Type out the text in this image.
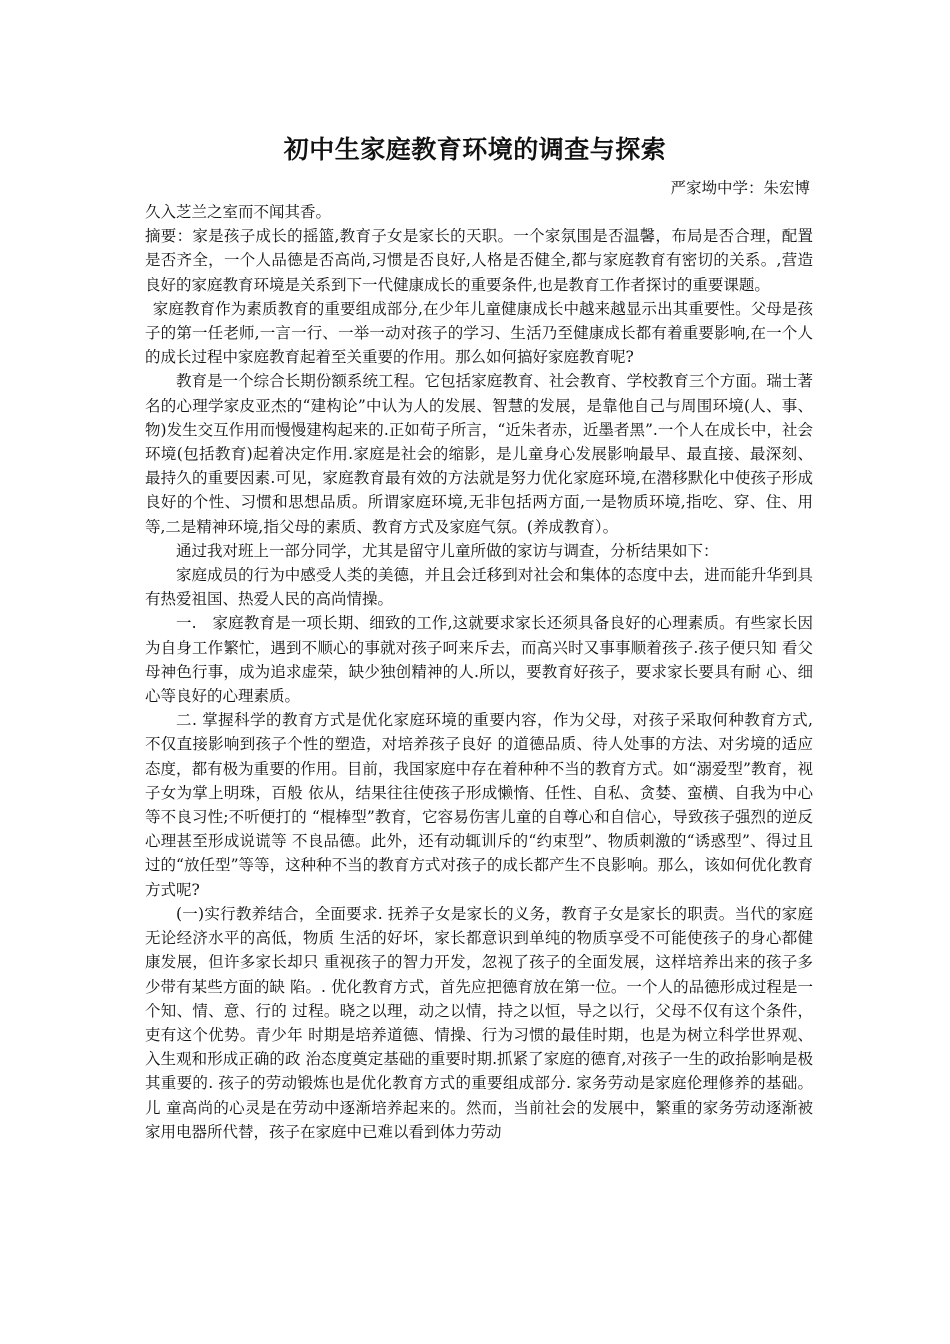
初中生家庭教育环境的调查与探索
严家坳中学：朱宏博

久入芝兰之室而不闻其香。

摘要：家是孩子成长的摇篮,教育子女是家长的天职。一个家氛围是否温馨，布局是否合理，配置是否齐全，一个人品德是否高尚,习惯是否良好,人格是否健全,都与家庭教育有密切的关系。,营造良好的家庭教育环境是关系到下一代健康成长的重要条件,也是教育工作者探讨的重要课题。

家庭教育作为素质教育的重要组成部分,在少年儿童健康成长中越来越显示出其重要性。父母是孩子的第一任老师,一言一行、一举一动对孩子的学习、生活乃至健康成长都有着重要影响,在一个人的成长过程中家庭教育起着至关重要的作用。那么如何搞好家庭教育呢?

教育是一个综合长期份额系统工程。它包括家庭教育、社会教育、学校教育三个方面。瑞士著名的心理学家皮亚杰的“建构论”中认为人的发展、智慧的发展，是靠他自己与周围环境(人、事、物)发生交互作用而慢慢建构起来的.正如荀子所言，“近朱者赤，近墨者黑”.一个人在成长中，社会环境(包括教育)起着决定作用.家庭是社会的缩影，是儿童身心发展影响最早、最直接、最深刻、最持久的重要因素.可见，家庭教育最有效的方法就是努力优化家庭环境,在潜移默化中使孩子形成良好的个性、习惯和思想品质。所谓家庭环境,无非包括两方面,一是物质环境,指吃、穿、住、用等,二是精神环境,指父母的素质、教育方式及家庭气氛。(养成教育）。

通过我对班上一部分同学，尤其是留守儿童所做的家访与调查，分析结果如下：

家庭成员的行为中感受人类的美德，并且会迁移到对社会和集体的态度中去，进而能升华到具 有热爱祖国、热爱人民的高尚情操。

一.　家庭教育是一项长期、细致的工作,这就要求家长还须具备良好的心理素质。有些家长因 为自身工作繁忙，遇到不顺心的事就对孩子呵来斥去，而高兴时又事事顺着孩子.孩子便只知 看父母神色行事，成为追求虚荣，缺少独创精神的人.所以，要教育好孩子，要求家长要具有耐 心、细心等良好的心理素质。

二. 掌握科学的教育方式是优化家庭环境的重要内容，作为父母，对孩子采取何种教育方式, 不仅直接影响到孩子个性的塑造，对培养孩子良好 的道德品质、待人处事的方法、对劣境的适应态度，都有极为重要的作用。目前，我国家庭中存在着种种不当的教育方式。如“溺爱型”教育，视子女为掌上明珠，百般 依从，结果往往使孩子形成懒惰、任性、自私、贪婪、蛮横、自我为中心等不良习性;不听便打的 “棍棒型”教育，它容易伤害儿童的自尊心和自信心，导致孩子强烈的逆反心理甚至形成说谎等 不良品德。此外，还有动辄训斥的“约束型”、物质刺激的“诱惑型”、得过且过的“放任型”等等，这种种不当的教育方式对孩子的成长都产生不良影响。那么，该如何优化教育方式呢?

(一)实行教养结合，全面要求. 抚养子女是家长的义务，教育子女是家长的职责。当代的家庭无论经济水平的高低，物质 生活的好坏，家长都意识到单纯的物质享受不可能使孩子的身心都健康发展，但许多家长却只 重视孩子的智力开发，忽视了孩子的全面发展，这样培养出来的孩子多少带有某些方面的缺 陷。. 优化教育方式，首先应把德育放在第一位。一个人的品德形成过程是一个知、情、意、行的 过程。晓之以理，动之以情，持之以恒，导之以行，父母不仅有这个条件，吏有这个优势。青少年 时期是培养道德、情操、行为习惯的最佳时期，也是为树立科学世界观、入生观和形成正确的政 治态度奠定基础的重要时期.抓紧了家庭的德育,对孩子一生的政抬影响是极其重要的. 孩子的劳动锻炼也是优化教育方式的重要组成部分. 家务劳动是家庭伦理修养的基础。儿 童高尚的心灵是在劳动中逐渐培养起来的。然而，当前社会的发展中，繁重的家务劳动逐渐被 家用电器所代替，孩子在家庭中已难以看到体力劳动
